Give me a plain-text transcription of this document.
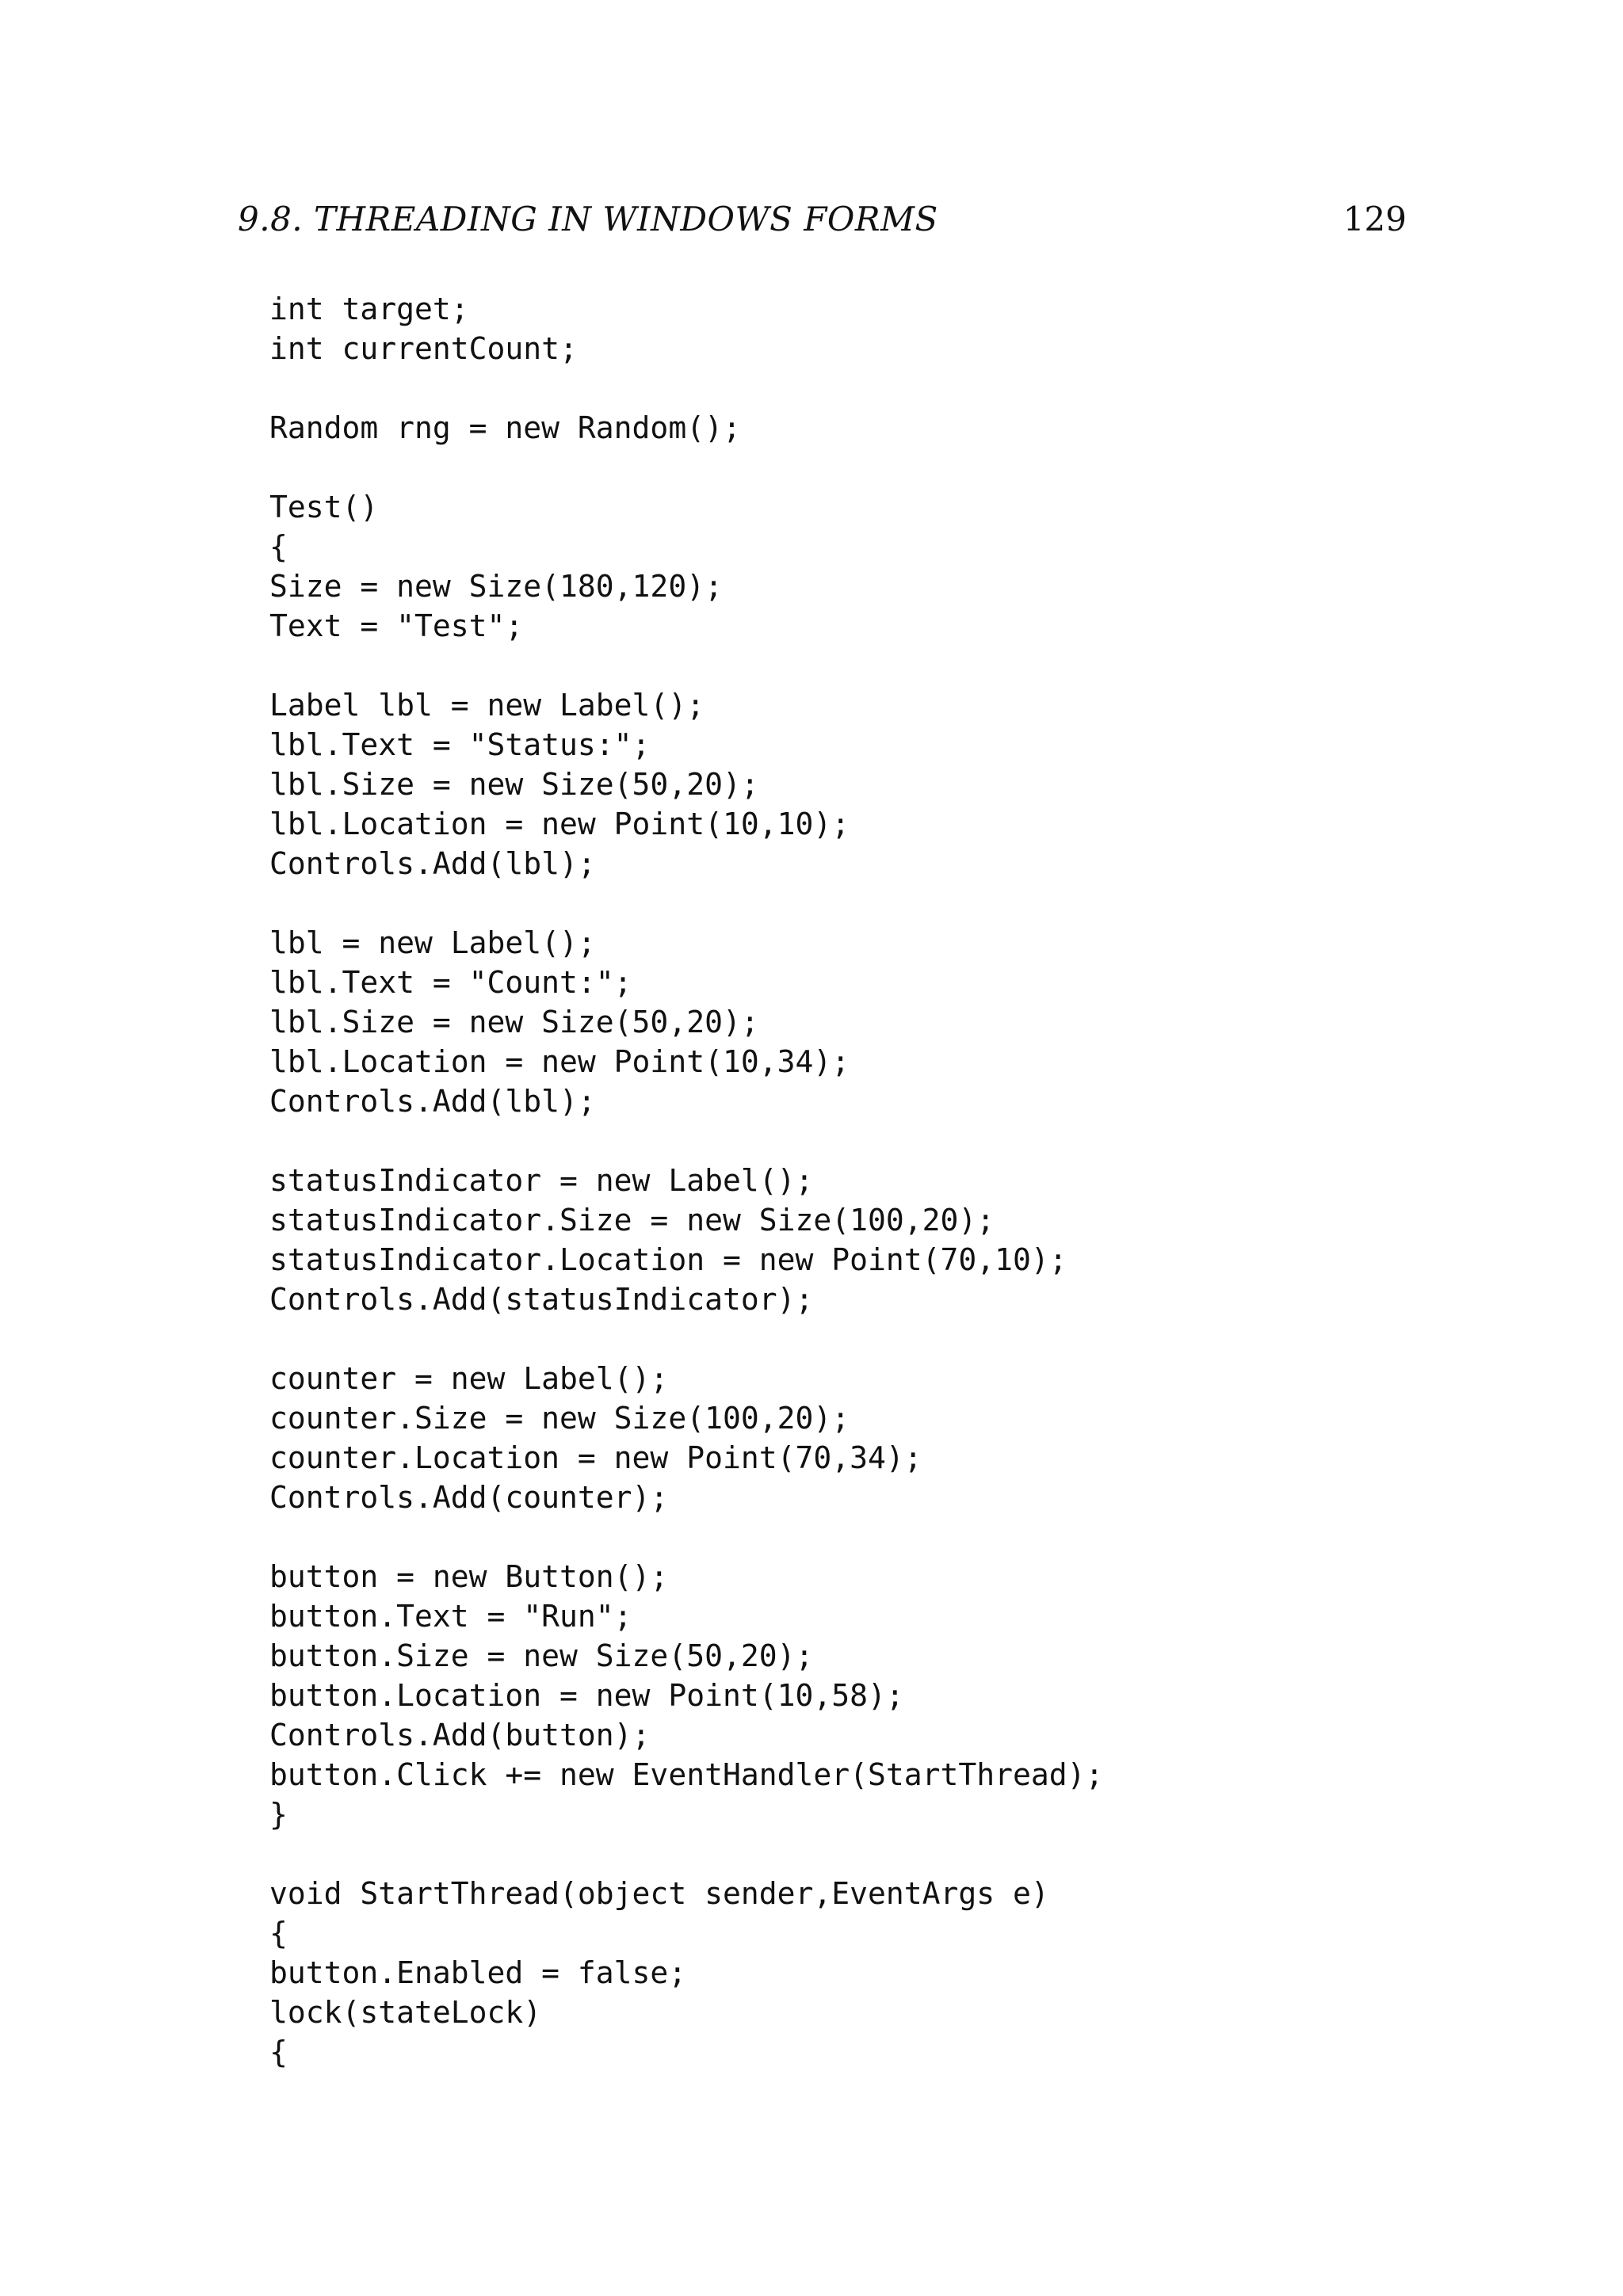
9.8. THREADING IN WINDOWS FORMS	129
int target;
int currentCount;
Random rng = new Random();
Test()
{
Size = new Size(180,120);
Text = "Test";
Label lbl = new Label();
lbl.Text = "Status:";
lbl.Size = new Size(50,20);
lbl.Location = new Point(10,10);
Controls.Add(lbl);
lbl = new Label();
lbl.Text = "Count:";
lbl.Size = new Size(50,20);
lbl.Location = new Point(10,34);
Controls.Add(lbl);
statusIndicator = new Label();
statusIndicator.Size = new Size(100,20);
statusIndicator.Location = new Point(70,10);
Controls.Add(statusIndicator);
counter = new Label();
counter.Size = new Size(100,20);
counter.Location = new Point(70,34);
Controls.Add(counter);
button = new Button();
button.Text = "Run";
button.Size = new Size(50,20);
button.Location = new Point(10,58);
Controls.Add(button);
button.Click += new EventHandler(StartThread);
}
void StartThread(object sender,EventArgs e)
{
button.Enabled = false;
lock(stateLock)
{
